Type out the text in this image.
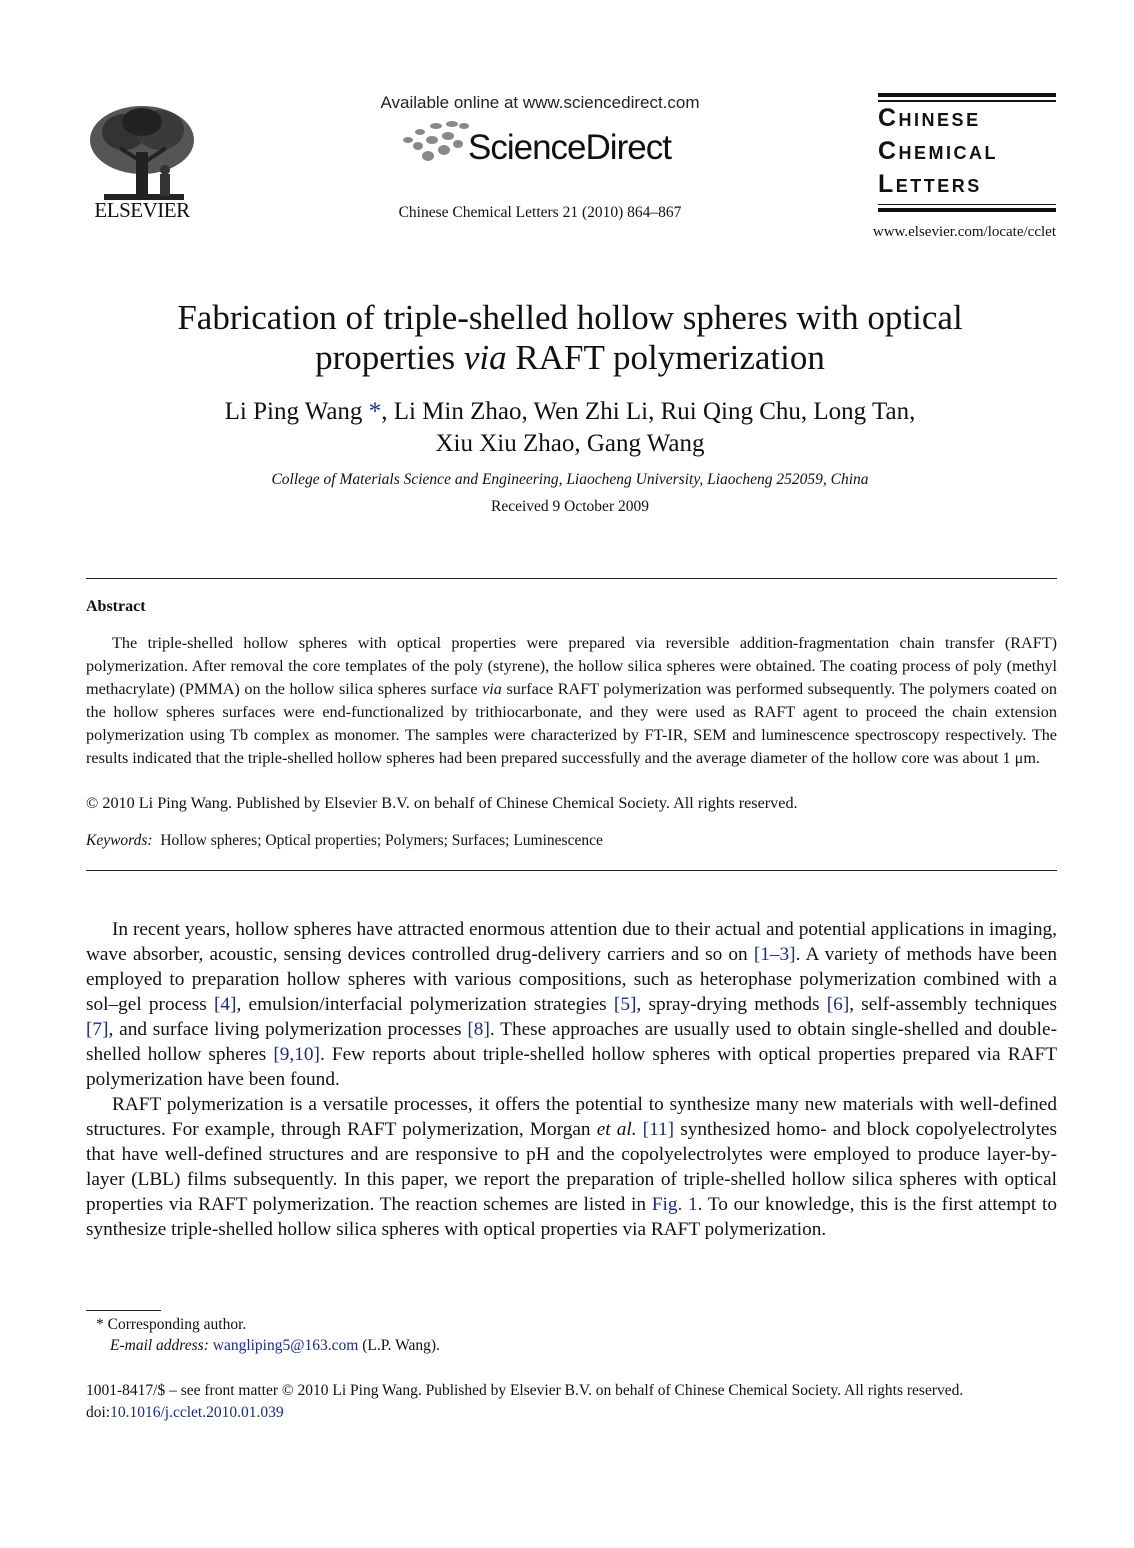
ELSEVIER
Available online at www.sciencedirect.com
ScienceDirect
Chinese Chemical Letters 21 (2010) 864–867
Chinese
Chemical
Letters
www.elsevier.com/locate/cclet
Fabrication of triple-shelled hollow spheres with optical
properties via RAFT polymerization
Li Ping Wang *, Li Min Zhao, Wen Zhi Li, Rui Qing Chu, Long Tan,
Xiu Xiu Zhao, Gang Wang
College of Materials Science and Engineering, Liaocheng University, Liaocheng 252059, China
Received 9 October 2009
Abstract

The triple-shelled hollow spheres with optical properties were prepared via reversible addition-fragmentation chain transfer (RAFT) polymerization. After removal the core templates of the poly (styrene), the hollow silica spheres were obtained. The coating process of poly (methyl methacrylate) (PMMA) on the hollow silica spheres surface via surface RAFT polymerization was performed subsequently. The polymers coated on the hollow spheres surfaces were end-functionalized by trithiocarbonate, and they were used as RAFT agent to proceed the chain extension polymerization using Tb complex as monomer. The samples were characterized by FT-IR, SEM and luminescence spectroscopy respectively. The results indicated that the triple-shelled hollow spheres had been prepared successfully and the average diameter of the hollow core was about 1 μm.

© 2010 Li Ping Wang. Published by Elsevier B.V. on behalf of Chinese Chemical Society. All rights reserved.
Keywords: Hollow spheres; Optical properties; Polymers; Surfaces; Luminescence

In recent years, hollow spheres have attracted enormous attention due to their actual and potential applications in imaging, wave absorber, acoustic, sensing devices controlled drug-delivery carriers and so on [1–3]. A variety of methods have been employed to preparation hollow spheres with various compositions, such as heterophase polymerization combined with a sol–gel process [4], emulsion/interfacial polymerization strategies [5], spray-drying methods [6], self-assembly techniques [7], and surface living polymerization processes [8]. These approaches are usually used to obtain single-shelled and double-shelled hollow spheres [9,10]. Few reports about triple-shelled hollow spheres with optical properties prepared via RAFT polymerization have been found.

RAFT polymerization is a versatile processes, it offers the potential to synthesize many new materials with well-defined structures. For example, through RAFT polymerization, Morgan et al. [11] synthesized homo- and block copolyelectrolytes that have well-defined structures and are responsive to pH and the copolyelectrolytes were employed to produce layer-by-layer (LBL) films subsequently. In this paper, we report the preparation of triple-shelled hollow silica spheres with optical properties via RAFT polymerization. The reaction schemes are listed in Fig. 1. To our knowledge, this is the first attempt to synthesize triple-shelled hollow silica spheres with optical properties via RAFT polymerization.

* Corresponding author.
E-mail address: wangliping5@163.com (L.P. Wang).
1001-8417/$ – see front matter © 2010 Li Ping Wang. Published by Elsevier B.V. on behalf of Chinese Chemical Society. All rights reserved.
doi:10.1016/j.cclet.2010.01.039
